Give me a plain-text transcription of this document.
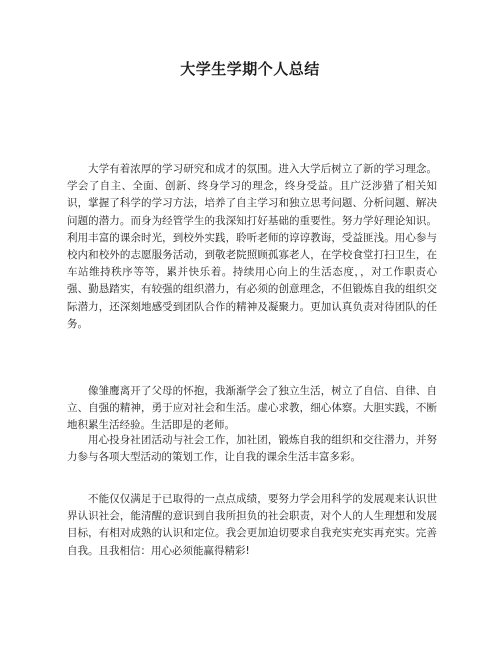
大学生学期个人总结

大学有着浓厚的学习研究和成才的氛围。进入大学后树立了新的学习理念。学会了自主、全面、创新、终身学习的理念，终身受益。且广泛涉猎了相关知识，掌握了科学的学习方法，培养了自主学习和独立思考问题、分析问题、解决问题的潜力。而身为经管学生的我深知打好基础的重要性。努力学好理论知识。利用丰富的课余时光，到校外实践，聆听老师的谆谆教诲，受益匪浅。用心参与校内和校外的志愿服务活动，到敬老院照顾孤寡老人，在学校食堂打扫卫生，在车站维持秩序等等，累并快乐着。持续用心向上的生活态度，，对工作职责心强、勤恳踏实，有较强的组织潜力，有必须的创意理念，不但锻炼自我的组织交际潜力，还深刻地感受到团队合作的精神及凝聚力。更加认真负责对待团队的任务。

像雏鹰离开了父母的怀抱，我渐渐学会了独立生活，树立了自信、自律、自立、自强的精神，勇于应对社会和生活。虚心求教，细心体察。大胆实践，不断地积累生活经验。生活即是的老师。

用心投身社团活动与社会工作，加社团，锻炼自我的组织和交往潜力，并努力参与各项大型活动的策划工作，让自我的课余生活丰富多彩。

不能仅仅满足于已取得的一点点成绩，要努力学会用科学的发展观来认识世界认识社会，能清醒的意识到自我所担负的社会职责，对个人的人生理想和发展目标，有相对成熟的认识和定位。我会更加迫切要求自我充实充实再充实。完善自我。且我相信：用心必须能赢得精彩!
